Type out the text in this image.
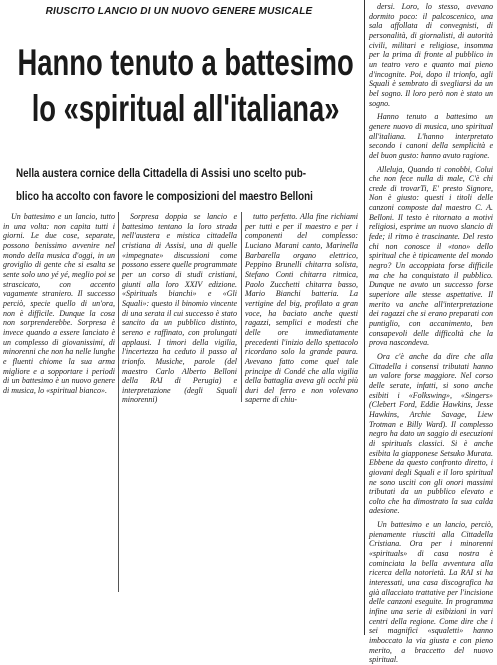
RIUSCITO LANCIO DI UN NUOVO GENERE MUSICALE
Hanno tenuto a battesimo
lo «spiritual all'italiana»
Nella austera cornice della Cittadella di Assisi uno scelto pub-
blico ha accolto con favore le composizioni del maestro Belloni

Un battesimo e un lancio, tutto in una volta: non capita tutti i giorni. Le due cose, separate, possono benissimo avvenire nel mondo della musica d'oggi, in un groviglio di gente che si esalta se sente solo uno yé yé, meglio poi se strascicato, con accento vagamente straniero. Il successo perciò, specie quello di un'ora, non è difficile. Dunque la cosa non sorprenderebbe. Sorpresa è invece quando a essere lanciato è un complesso di giovanissimi, di minorenni che non ha nelle lunghe e fluenti chiome la sua arma migliore e a sopportare i periodi di un battesimo è un nuovo genere di musica, lo «spiritual bianco».

Sorpresa doppia se lancio e battesimo tentano la loro strada nell'austera e mistica cittadella cristiana di Assisi, una di quelle «impegnate» discussioni come possono essere quelle programmate per un corso di studi cristiani, giunti alla loro XXIV edizione. «Spirituals bianchi» e «Gli Squali»: questo il binomio vincente di una serata il cui successo è stato sancito da un pubblico distinto, sereno e raffinato, con prolungati applausi. I timori della vigilia, l'incertezza ha ceduto il passo al trionfo. Musiche, parole (del maestro Carlo Alberto Belloni della RAI di Perugia) e interpretazione (degli Squali minorenni)

tutto perfetto. Alla fine richiami per tutti e per il maestro e per i componenti del complesso: Luciano Marani canto, Marinella Barbarella organo elettrico, Peppino Brunelli chitarra solista, Stefano Conti chitarra ritmica, Paolo Zucchetti chitarra basso, Mario Bianchi batteria. La vertigine del big, profilato a gran voce, ha baciato anche questi ragazzi, semplici e modesti che delle ore immediatamente precedenti l'inizio dello spettacolo ricordano solo la grande paura. Avevano fatto come quel tale principe di Condé che alla vigilia della battaglia aveva gli occhi più duri del ferro e non volevano saperne di chiu-

dersi. Loro, lo stesso, avevano dormito poco: il palcoscenico, una sala affollata di convegnisti, di personalità, di giornalisti, di autorità civili, militari e religiose, insomma per la prima di fronte al pubblico in un teatro vero e quanto mai pieno d'incognite. Poi, dopo il trionfo, agli Squali è sembrato di svegliarsi da un bel sogno. Il loro però non è stato un sogno.

Hanno tenuto a battesimo un genere nuovo di musica, uno spiritual all'italiana. L'hanno interpretato secondo i canoni della semplicità e del buon gusto: hanno avuto ragione.

Alleluja, Quando ti conobbi, Colui che non fece nulla di male, C'è chi crede di trovarTi, E' presto Signore, Non è giusto: questi i titoli delle canzoni composte dal maestro C. A. Belloni. Il testo è ritornato a motivi religiosi, esprime un nuovo slancio di fede; il ritmo è trascinante. Del resto chi non conosce il «tono» dello spiritual che è tipicamente del mondo negro? Un accoppiata forse difficile ma che ha conquistato il pubblico. Dunque ne avuto un successo forse superiore alle stesse aspettative. Il merito va anche all'interpretazione dei ragazzi che si erano preparati con puntiglio, con accanimento, ben consapevoli delle difficoltà che la prova nascondeva.

Ora c'è anche da dire che alla Cittadella i consensi tributati hanno un valore forse maggiore. Nel corso delle serate, infatti, si sono anche esibiti i «Folkswing», «Singers» (Clebert Ford, Eddie Hawkins, Jesse Hawkins, Archie Savage, Liew Trotman e Billy Ward). Il complesso negro ha dato un saggio di esecuzioni di spirituals classici. Si è anche esibita la giapponese Setsuko Murata. Ebbene da questo confronto diretto, i giovani degli Squali e il loro spiritual ne sono usciti con gli onori massimi tributati da un pubblico elevato e colto che ha dimostrato la sua calda adesione.

Un battesimo e un lancio, perciò, pienamente riusciti alla Cittadella Cristiana. Ora per i minorenni «spirituals» di casa nostra è cominciata la bella avventura alla ricerca della notorietà. La RAI si ha interessati, una casa discografica ha già allacciato trattative per l'incisione delle canzoni eseguite. In programma infine una serie di esibizioni in vari centri della regione. Come dire che i sei magnifici «squaletti» hanno imboccato la via giusta e con pieno merito, a braccetto del nuovo spiritual.
